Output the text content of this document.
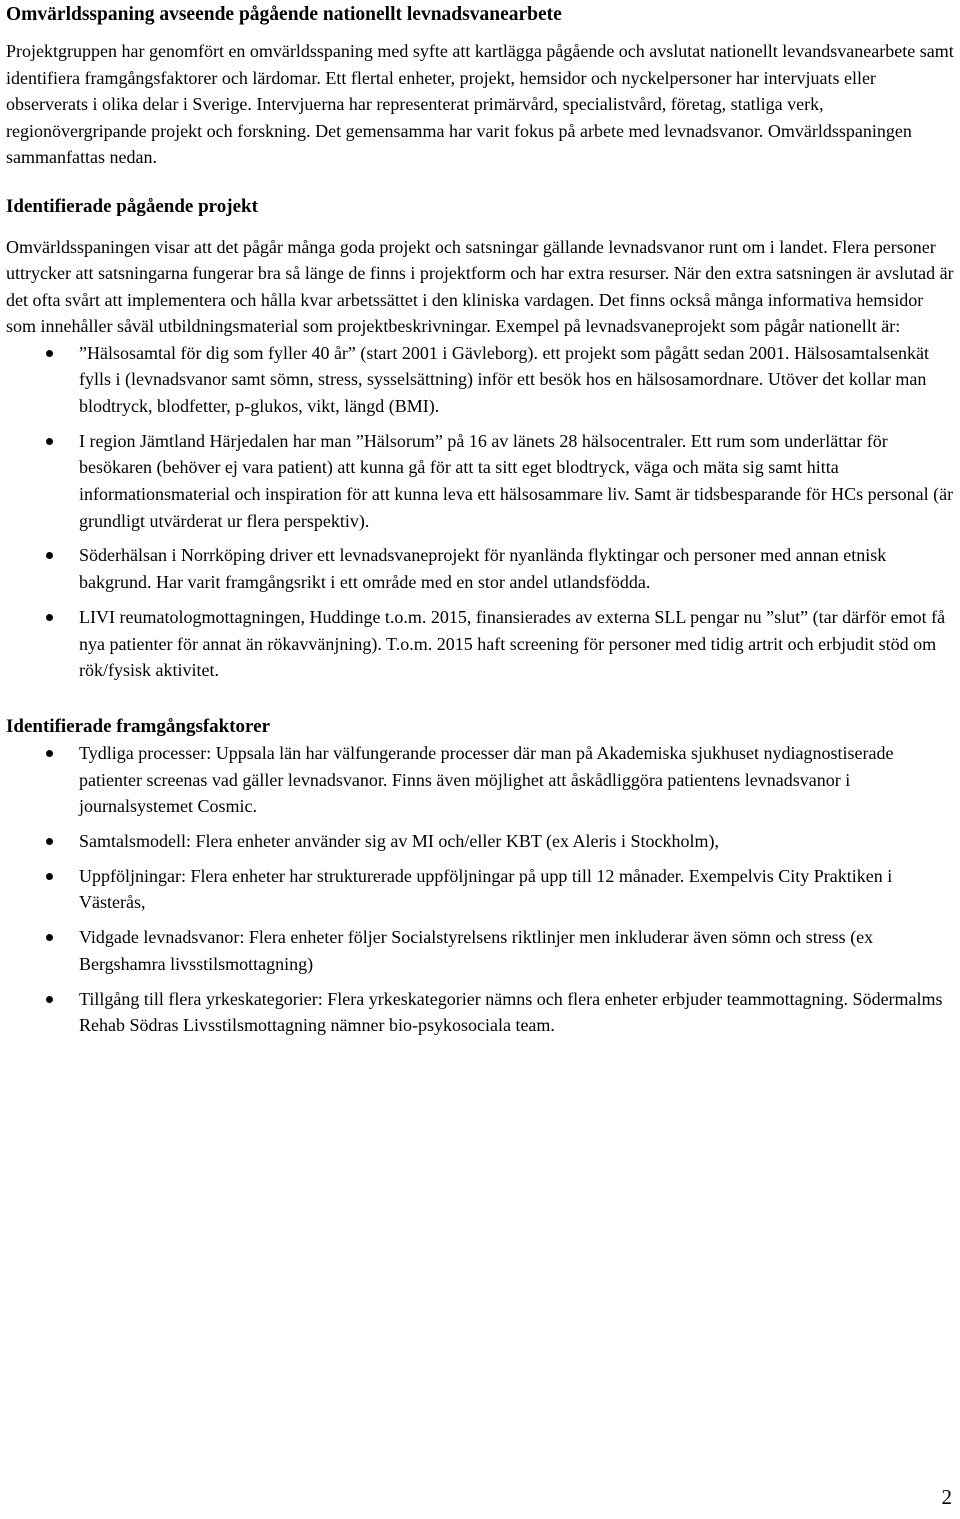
Omvärldsspaning avseende pågående nationellt levnadsvanearbete

Projektgruppen har genomfört en omvärldsspaning med syfte att kartlägga pågående och avslutat nationellt levandsvanearbete samt identifiera framgångsfaktorer och lärdomar. Ett flertal enheter, projekt, hemsidor och nyckelpersoner har intervjuats eller observerats i olika delar i Sverige. Intervjuerna har representerat primärvård, specialistvård, företag, statliga verk, regionövergripande projekt och forskning. Det gemensamma har varit fokus på arbete med levnadsvanor. Omvärldsspaningen sammanfattas nedan.

Identifierade pågående projekt

Omvärldsspaningen visar att det pågår många goda projekt och satsningar gällande levnadsvanor runt om i landet. Flera personer uttrycker att satsningarna fungerar bra så länge de finns i projektform och har extra resurser. När den extra satsningen är avslutad är det ofta svårt att implementera och hålla kvar arbetssättet i den kliniska vardagen. Det finns också många informativa hemsidor som innehåller såväl utbildningsmaterial som projektbeskrivningar. Exempel på levnadsvaneprojekt som pågår nationellt är:

”Hälsosamtal för dig som fyller 40 år” (start 2001 i Gävleborg). ett projekt som pågått sedan 2001. Hälsosamtalsenkät fylls i (levnadsvanor samt sömn, stress, sysselsättning) inför ett besök hos en hälsosamordnare. Utöver det kollar man blodtryck, blodfetter, p-glukos, vikt, längd (BMI).
I region Jämtland Härjedalen har man ”Hälsorum” på 16 av länets 28 hälsocentraler. Ett rum som underlättar för besökaren (behöver ej vara patient) att kunna gå för att ta sitt eget blodtryck, väga och mäta sig samt hitta informationsmaterial och inspiration för att kunna leva ett hälsosammare liv. Samt är tidsbesparande för HCs personal (är grundligt utvärderat ur flera perspektiv).
Söderhälsan i Norrköping driver ett levnadsvaneprojekt för nyanlända flyktingar och personer med annan etnisk bakgrund. Har varit framgångsrikt i ett område med en stor andel utlandsfödda.
LIVI reumatologmottagningen, Huddinge t.o.m. 2015, finansierades av externa SLL pengar nu ”slut” (tar därför emot få nya patienter för annat än rökavvänjning). T.o.m. 2015 haft screening för personer med tidig artrit och erbjudit stöd om rök/fysisk aktivitet.
Identifierade framgångsfaktorer
Tydliga processer: Uppsala län har välfungerande processer där man på Akademiska sjukhuset nydiagnostiserade patienter screenas vad gäller levnadsvanor. Finns även möjlighet att åskådliggöra patientens levnadsvanor i journalsystemet Cosmic.
Samtalsmodell: Flera enheter använder sig av MI och/eller KBT (ex Aleris i Stockholm),
Uppföljningar: Flera enheter har strukturerade uppföljningar på upp till 12 månader. Exempelvis City Praktiken i Västerås,
Vidgade levnadsvanor: Flera enheter följer Socialstyrelsens riktlinjer men inkluderar även sömn och stress (ex Bergshamra livsstilsmottagning)
Tillgång till flera yrkeskategorier: Flera yrkeskategorier nämns och flera enheter erbjuder teammottagning. Södermalms Rehab Södras Livsstilsmottagning nämner bio-psykosociala team.
2
